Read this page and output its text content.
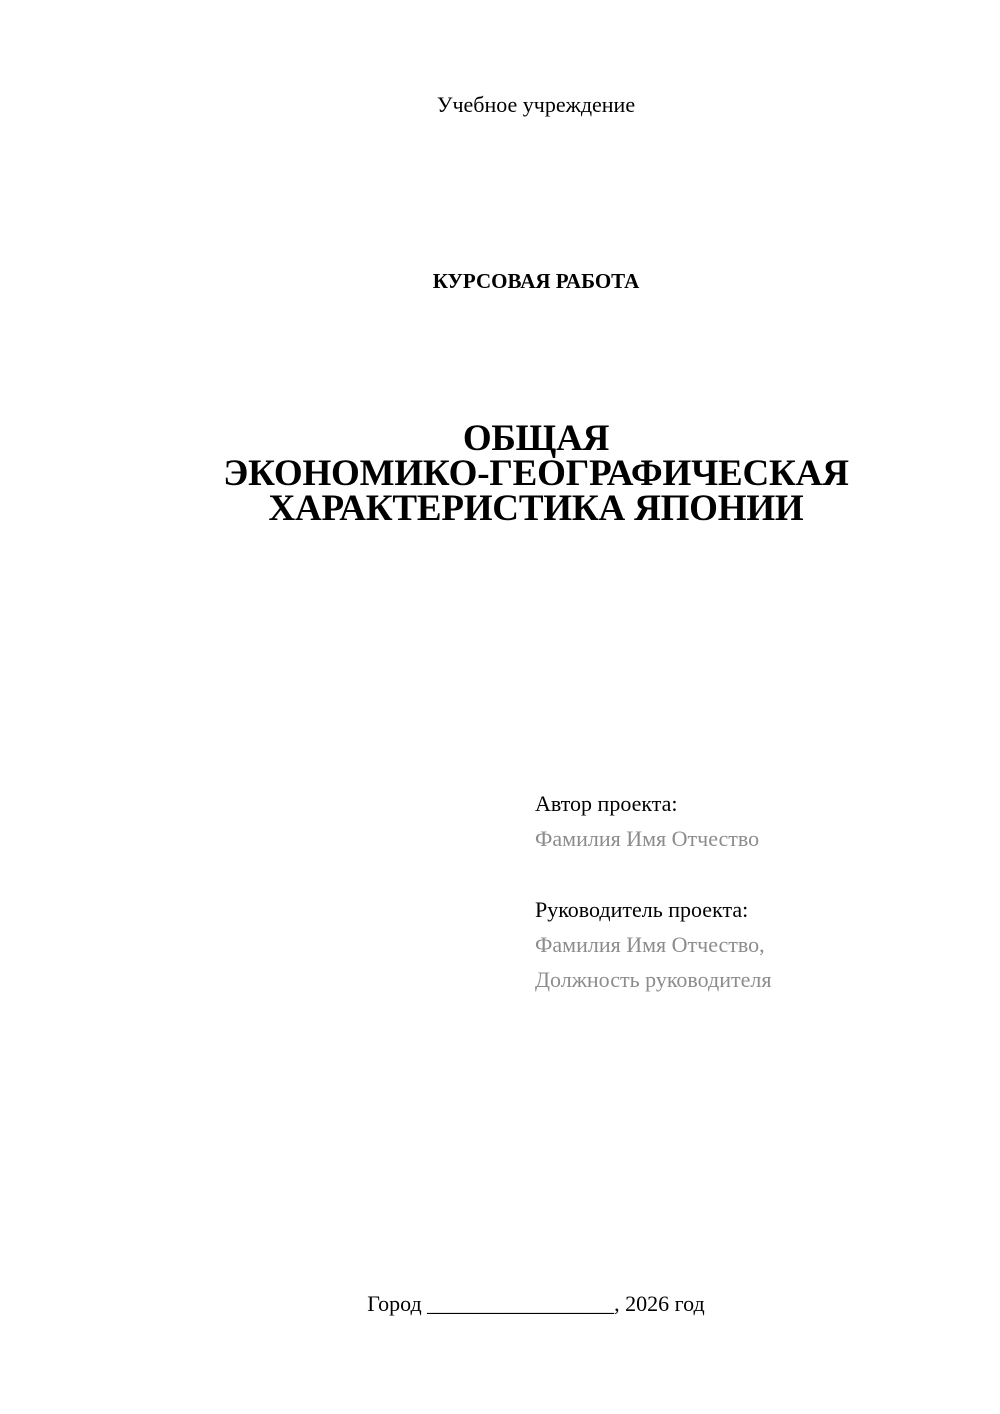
Учебное учреждение
КУРСОВАЯ РАБОТА
ОБЩАЯ
ЭКОНОМИКО-ГЕОГРАФИЧЕСКАЯ
ХАРАКТЕРИСТИКА ЯПОНИИ
Автор проекта:
Фамилия Имя Отчество
Руководитель проекта:
Фамилия Имя Отчество,
Должность руководителя
Город _________________, 2026 год
